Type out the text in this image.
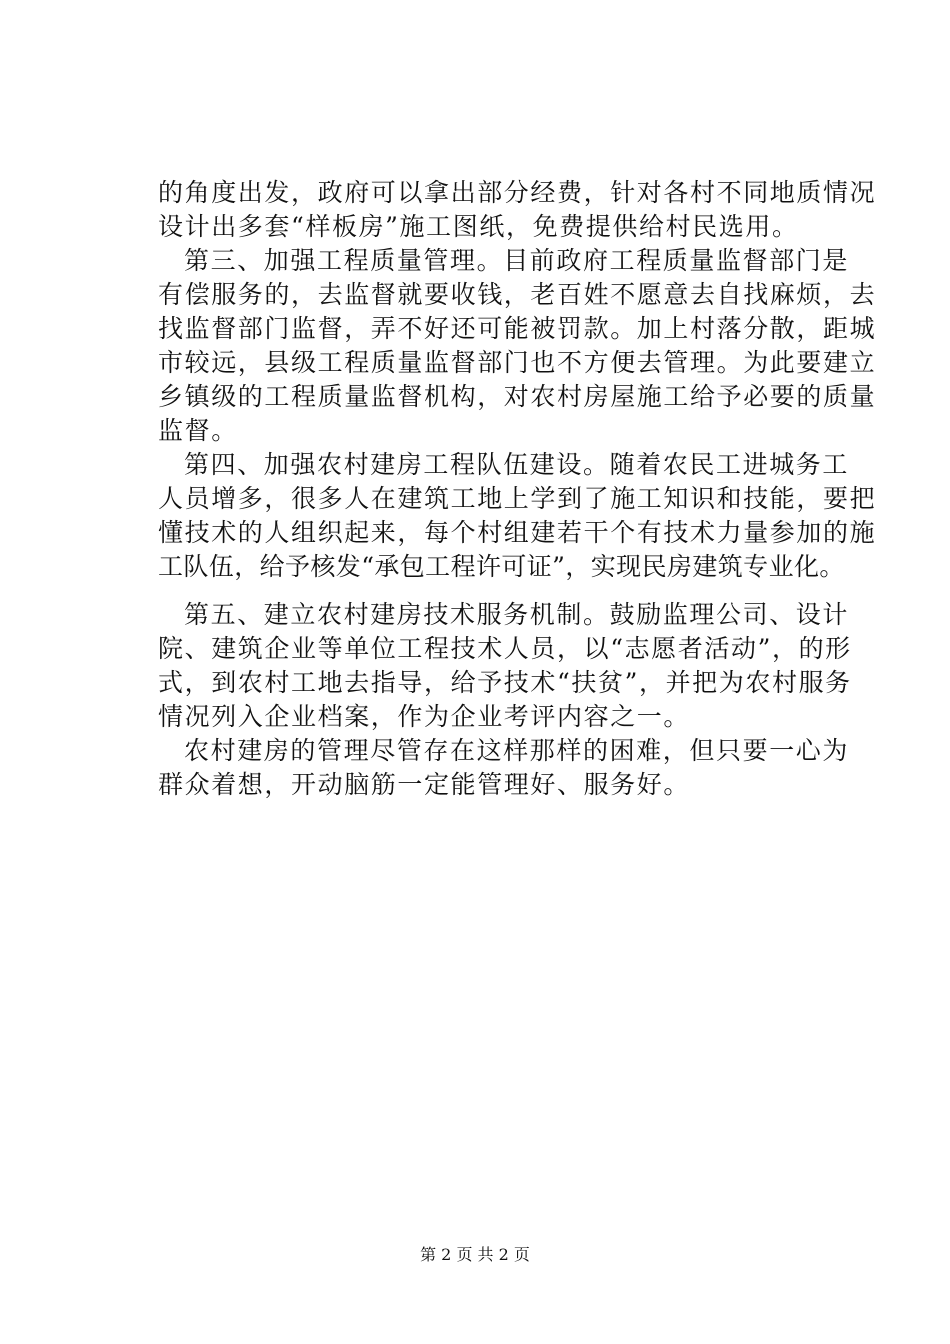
的角度出发，政府可以拿出部分经费，针对各村不同地质情况

设计出多套“样板房”施工图纸，免费提供给村民选用。

第三、加强工程质量管理。目前政府工程质量监督部门是

有偿服务的，去监督就要收钱，老百姓不愿意去自找麻烦，去

找监督部门监督，弄不好还可能被罚款。加上村落分散，距城

市较远，县级工程质量监督部门也不方便去管理。为此要建立

乡镇级的工程质量监督机构，对农村房屋施工给予必要的质量

监督。

第四、加强农村建房工程队伍建设。随着农民工进城务工

人员增多，很多人在建筑工地上学到了施工知识和技能，要把

懂技术的人组织起来，每个村组建若干个有技术力量参加的施

工队伍，给予核发“承包工程许可证”，实现民房建筑专业化。

第五、建立农村建房技术服务机制。鼓励监理公司、设计

院、建筑企业等单位工程技术人员，以“志愿者活动”，的形

式，到农村工地去指导，给予技术“扶贫”，并把为农村服务

情况列入企业档案，作为企业考评内容之一。

农村建房的管理尽管存在这样那样的困难，但只要一心为

群众着想，开动脑筋一定能管理好、服务好。

第 2 页 共 2 页
